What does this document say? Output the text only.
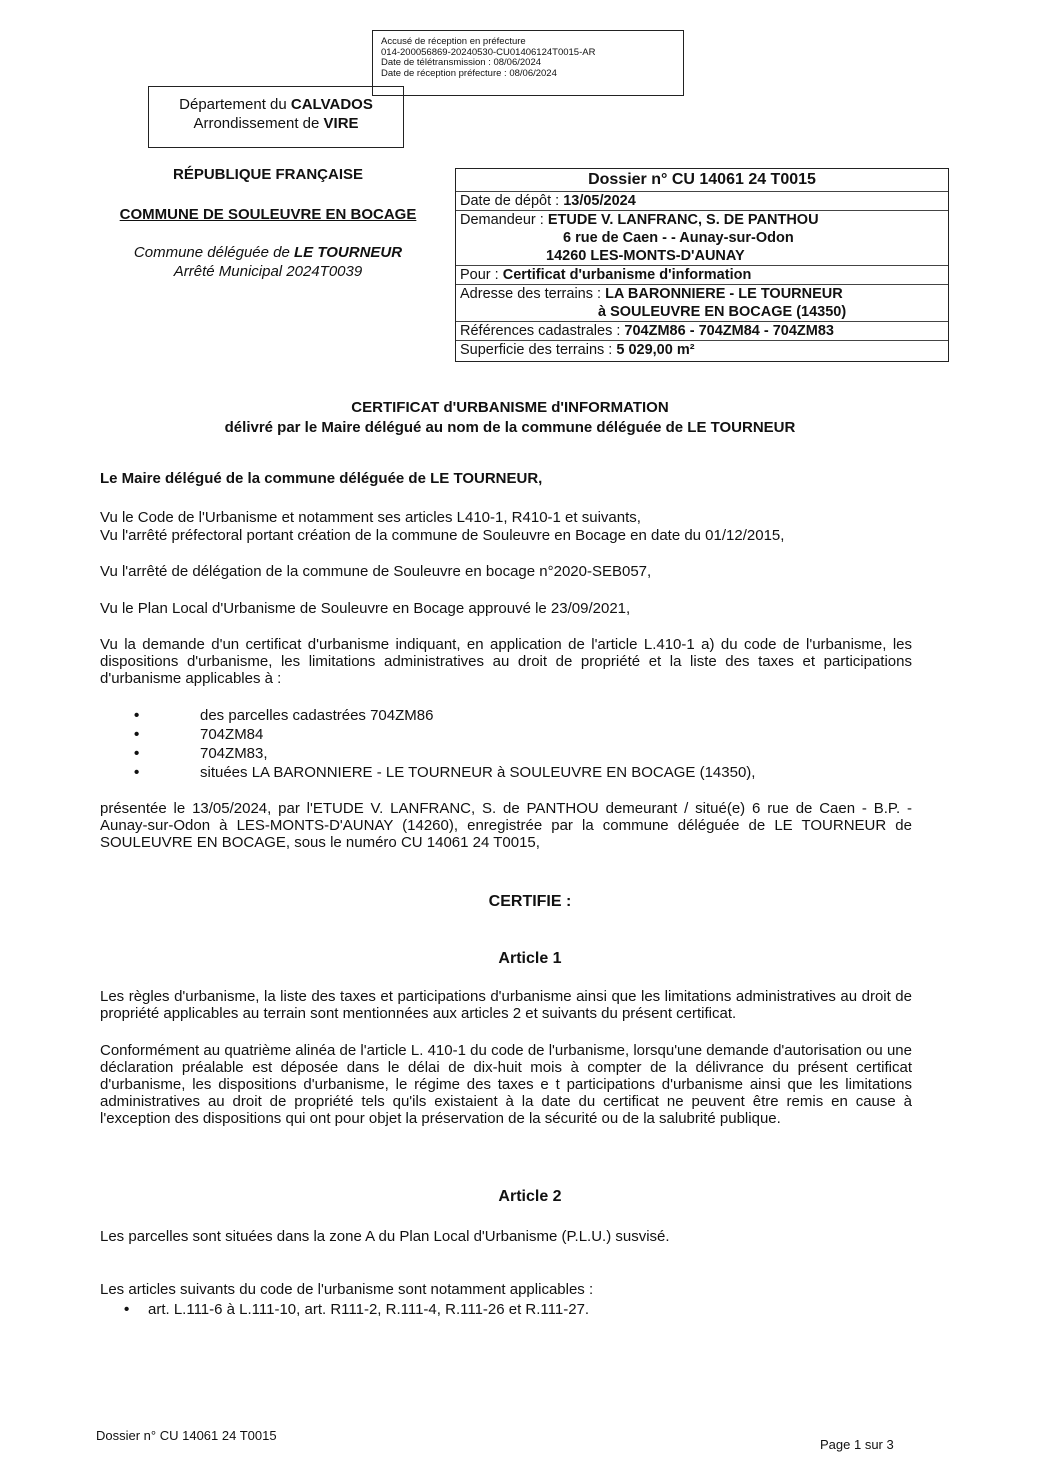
Accusé de réception en préfecture
014-200056869-20240530-CU01406124T0015-AR
Date de télétransmission : 08/06/2024
Date de réception préfecture : 08/06/2024
Département du CALVADOS
Arrondissement de VIRE
RÉPUBLIQUE FRANÇAISE
COMMUNE DE SOULEUVRE EN BOCAGE
Commune déléguée de LE TOURNEUR
Arrêté Municipal 2024T0039
Dossier n° CU 14061 24 T0015
Date de dépôt : 13/05/2024
Demandeur : ETUDE V. LANFRANC, S. DE PANTHOU
6 rue de Caen - - Aunay-sur-Odon
14260 LES-MONTS-D'AUNAY
Pour : Certificat d'urbanisme d'information
Adresse des terrains : LA BARONNIERE - LE TOURNEUR
à SOULEUVRE EN BOCAGE (14350)
Références cadastrales : 704ZM86 - 704ZM84 - 704ZM83
Superficie des terrains : 5 029,00 m²
CERTIFICAT d'URBANISME d'INFORMATION
délivré par le Maire délégué au nom de la commune déléguée de LE TOURNEUR
Le Maire délégué de la commune déléguée de LE TOURNEUR,
Vu le Code de l'Urbanisme et notamment ses articles L410-1, R410-1 et suivants,
Vu l'arrêté préfectoral portant création de la commune de Souleuvre en Bocage en date du 01/12/2015,
Vu l'arrêté de délégation de la commune de Souleuvre en bocage n°2020-SEB057,
Vu le Plan Local d'Urbanisme de Souleuvre en Bocage approuvé le 23/09/2021,
Vu la demande d'un certificat d'urbanisme indiquant, en application de l'article L.410-1 a) du code de l'urbanisme, les dispositions d'urbanisme, les limitations administratives au droit de propriété et la liste des taxes et participations d'urbanisme applicables à :
•	des parcelles cadastrées 704ZM86
•	704ZM84
•	704ZM83,
•	situées LA BARONNIERE - LE TOURNEUR à SOULEUVRE EN BOCAGE (14350),
présentée le 13/05/2024, par l'ETUDE V. LANFRANC, S. de PANTHOU demeurant / situé(e) 6 rue de Caen - B.P. - Aunay-sur-Odon à LES-MONTS-D'AUNAY (14260), enregistrée par la commune déléguée de LE TOURNEUR de SOULEUVRE EN BOCAGE, sous le numéro CU 14061 24 T0015,
CERTIFIE :
Article 1
Les règles d'urbanisme, la liste des taxes et participations d'urbanisme ainsi que les limitations administratives au droit de propriété applicables au terrain sont mentionnées aux articles 2 et suivants du présent certificat.
Conformément au quatrième alinéa de l'article L. 410-1 du code de l'urbanisme, lorsqu'une demande d'autorisation ou une déclaration préalable est déposée dans le délai de dix-huit mois à compter de la délivrance du présent certificat d'urbanisme, les dispositions d'urbanisme, le régime des taxes e t participations d'urbanisme ainsi que les limitations administratives au droit de propriété tels qu'ils existaient à la date du certificat ne peuvent être remis en cause à l'exception des dispositions qui ont pour objet la préservation de la sécurité ou de la salubrité publique.
Article 2
Les parcelles sont situées dans la zone A du Plan Local d'Urbanisme (P.L.U.) susvisé.
Les articles suivants du code de l'urbanisme sont notamment applicables :
• art. L.111-6 à L.111-10, art. R111-2, R.111-4, R.111-26 et R.111-27.
Dossier n° CU 14061 24 T0015
Page 1 sur 3
